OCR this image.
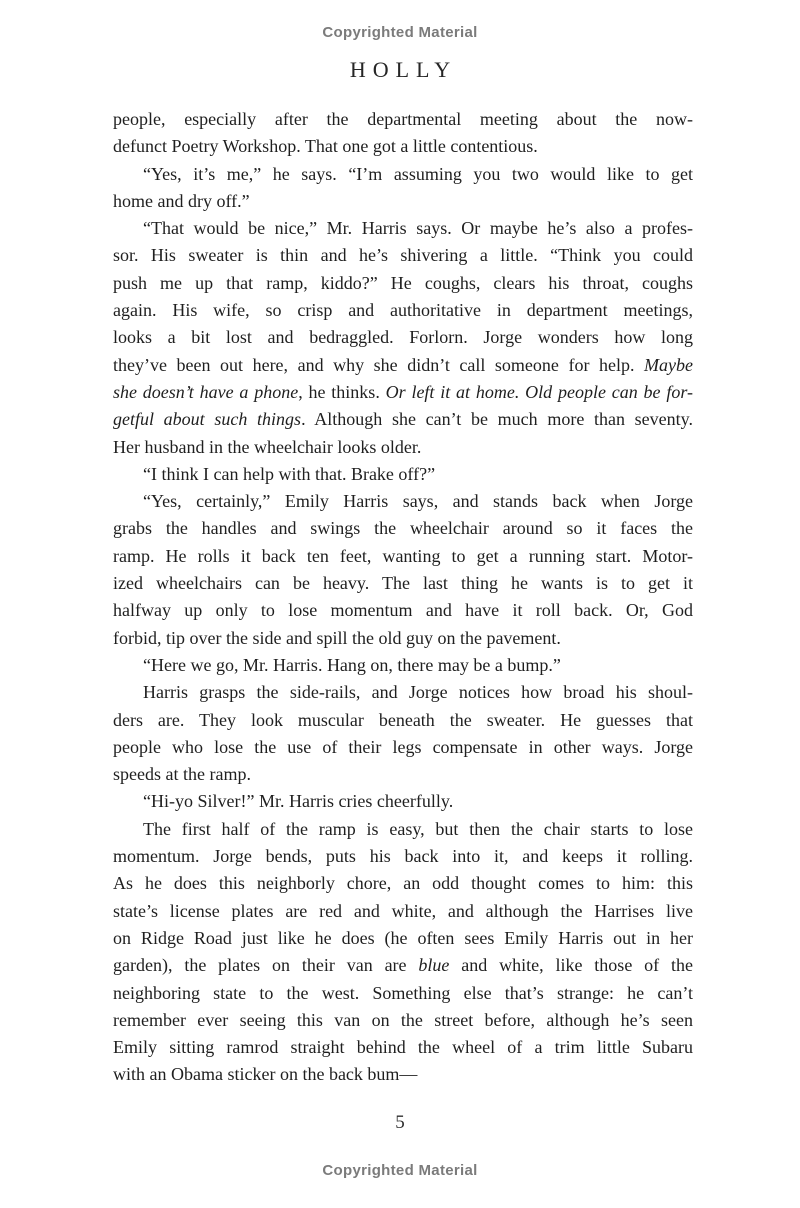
Copyrighted Material
HOLLY
people, especially after the departmental meeting about the now-
defunct Poetry Workshop. That one got a little contentious.
“Yes, it’s me,” he says. “I’m assuming you two would like to get
home and dry off.”
“That would be nice,” Mr. Harris says. Or maybe he’s also a profes-
sor. His sweater is thin and he’s shivering a little. “Think you could
push me up that ramp, kiddo?” He coughs, clears his throat, coughs
again. His wife, so crisp and authoritative in department meetings,
looks a bit lost and bedraggled. Forlorn. Jorge wonders how long
they’ve been out here, and why she didn’t call someone for help. Maybe
she doesn’t have a phone, he thinks. Or left it at home. Old people can be for-
getful about such things. Although she can’t be much more than seventy.
Her husband in the wheelchair looks older.
“I think I can help with that. Brake off?”
“Yes, certainly,” Emily Harris says, and stands back when Jorge
grabs the handles and swings the wheelchair around so it faces the
ramp. He rolls it back ten feet, wanting to get a running start. Motor-
ized wheelchairs can be heavy. The last thing he wants is to get it
halfway up only to lose momentum and have it roll back. Or, God
forbid, tip over the side and spill the old guy on the pavement.
“Here we go, Mr. Harris. Hang on, there may be a bump.”
Harris grasps the side-rails, and Jorge notices how broad his shoul-
ders are. They look muscular beneath the sweater. He guesses that
people who lose the use of their legs compensate in other ways. Jorge
speeds at the ramp.
“Hi-yo Silver!” Mr. Harris cries cheerfully.
The first half of the ramp is easy, but then the chair starts to lose
momentum. Jorge bends, puts his back into it, and keeps it rolling.
As he does this neighborly chore, an odd thought comes to him: this
state’s license plates are red and white, and although the Harrises live
on Ridge Road just like he does (he often sees Emily Harris out in her
garden), the plates on their van are blue and white, like those of the
neighboring state to the west. Something else that’s strange: he can’t
remember ever seeing this van on the street before, although he’s seen
Emily sitting ramrod straight behind the wheel of a trim little Subaru
with an Obama sticker on the back bum—
5
Copyrighted Material
